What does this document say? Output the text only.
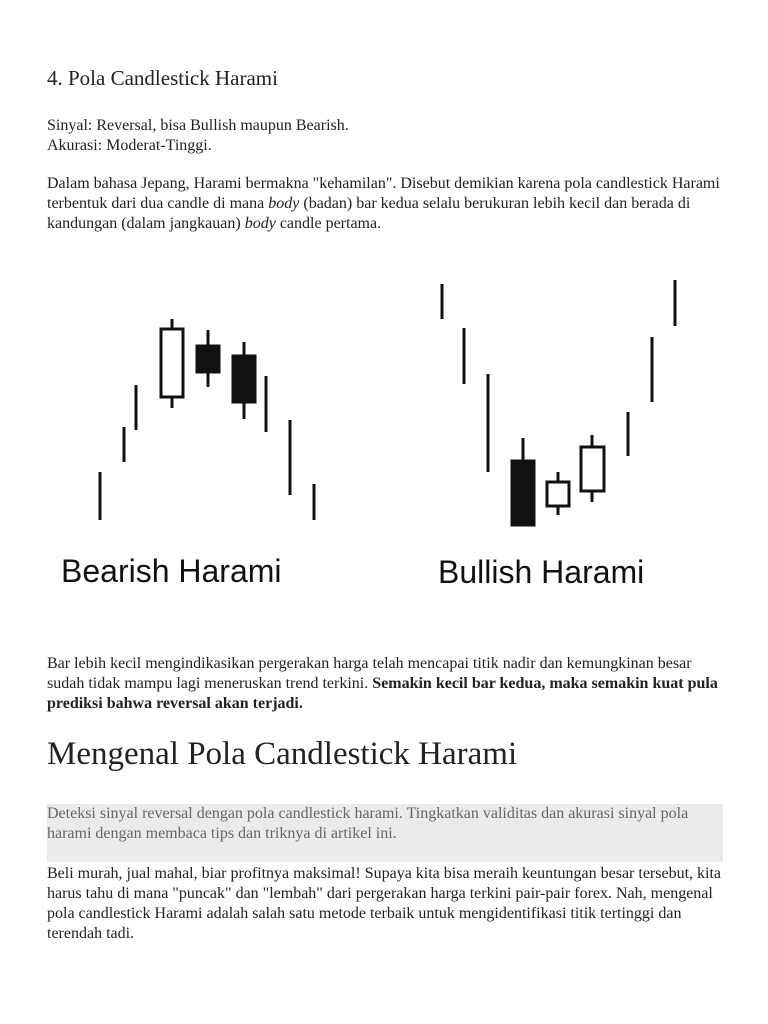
4. Pola Candlestick Harami

Sinyal: Reversal, bisa Bullish maupun Bearish.
Akurasi: Moderat-Tinggi.

Dalam bahasa Jepang, Harami bermakna "kehamilan". Disebut demikian karena pola candlestick Harami terbentuk dari dua candle di mana body (badan) bar kedua selalu berukuran lebih kecil dan berada di kandungan (dalam jangkauan) body candle pertama.

Bearish Harami	Bullish Harami

Bar lebih kecil mengindikasikan pergerakan harga telah mencapai titik nadir dan kemungkinan besar sudah tidak mampu lagi meneruskan trend terkini. Semakin kecil bar kedua, maka semakin kuat pula prediksi bahwa reversal akan terjadi.

Mengenal Pola Candlestick Harami
Deteksi sinyal reversal dengan pola candlestick harami. Tingkatkan validitas dan akurasi sinyal pola harami dengan membaca tips dan triknya di artikel ini.

Beli murah, jual mahal, biar profitnya maksimal! Supaya kita bisa meraih keuntungan besar tersebut, kita harus tahu di mana "puncak" dan "lembah" dari pergerakan harga terkini pair-pair forex. Nah, mengenal pola candlestick Harami adalah salah satu metode terbaik untuk mengidentifikasi titik tertinggi dan terendah tadi.
